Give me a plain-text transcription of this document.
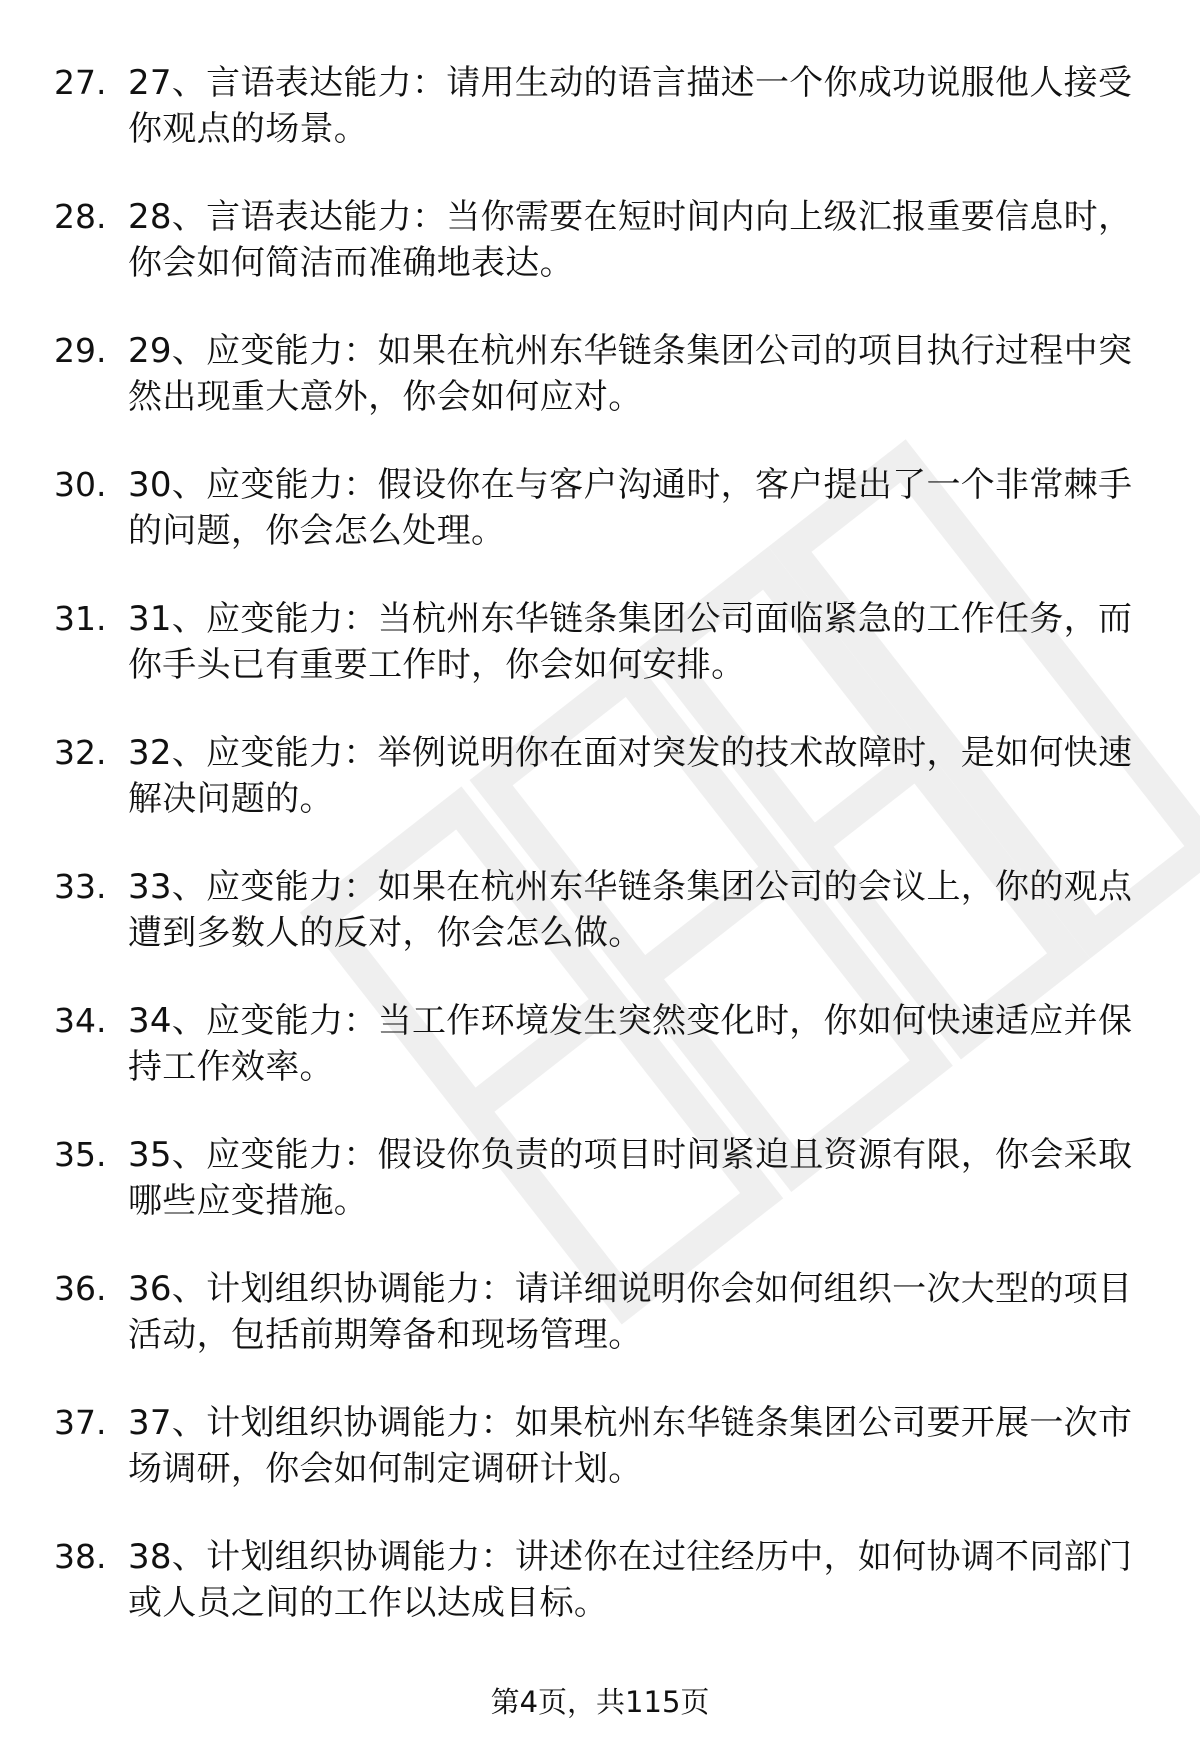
27. 27、言语表达能力：请用生动的语言描述一个你成功说服他人接受你观点的场景。
28. 28、言语表达能力：当你需要在短时间内向上级汇报重要信息时，你会如何简洁而准确地表达。
29. 29、应变能力：如果在杭州东华链条集团公司的项目执行过程中突然出现重大意外，你会如何应对。
30. 30、应变能力：假设你在与客户沟通时，客户提出了一个非常棘手的问题，你会怎么处理。
31. 31、应变能力：当杭州东华链条集团公司面临紧急的工作任务，而你手头已有重要工作时，你会如何安排。
32. 32、应变能力：举例说明你在面对突发的技术故障时，是如何快速解决问题的。
33. 33、应变能力：如果在杭州东华链条集团公司的会议上，你的观点遭到多数人的反对，你会怎么做。
34. 34、应变能力：当工作环境发生突然变化时，你如何快速适应并保持工作效率。
35. 35、应变能力：假设你负责的项目时间紧迫且资源有限，你会采取哪些应变措施。
36. 36、计划组织协调能力：请详细说明你会如何组织一次大型的项目活动，包括前期筹备和现场管理。
37. 37、计划组织协调能力：如果杭州东华链条集团公司要开展一次市场调研，你会如何制定调研计划。
38. 38、计划组织协调能力：讲述你在过往经历中，如何协调不同部门或人员之间的工作以达成目标。
第4页，共115页
